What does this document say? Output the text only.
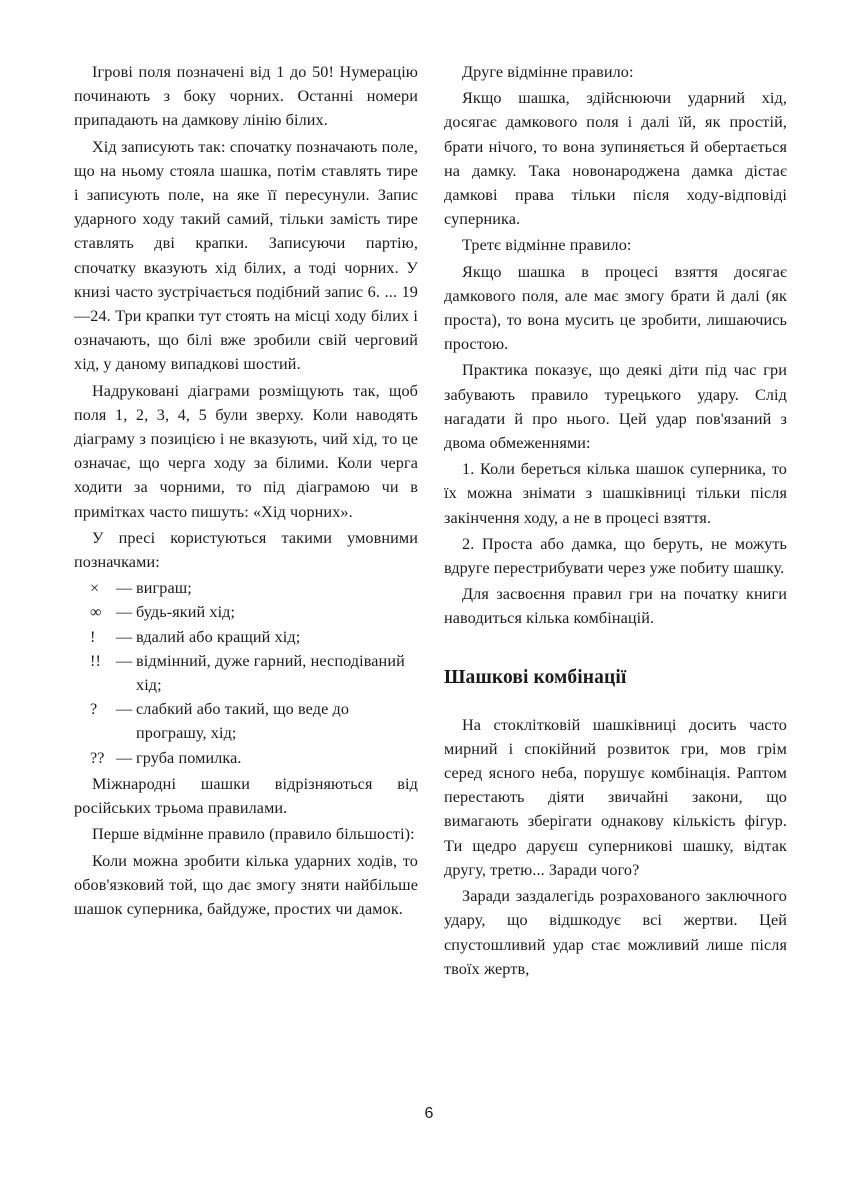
Ігрові поля позначені від 1 до 50! Нумерацію починають з боку чорних. Останні номери припадають на дамкову лінію білих.

Хід записують так: спочатку позначають поле, що на ньому стояла шашка, потім ставлять тире і записують поле, на яке її пересунули. Запис ударного ходу такий самий, тільки замість тире ставлять дві крапки. Записуючи партію, спочатку вказують хід білих, а тоді чорних. У книзі часто зустрічається подібний запис 6. ... 19—24. Три крапки тут стоять на місці ходу білих і означають, що білі вже зробили свій черговий хід, у даному випадкові шостий.

Надруковані діаграми розміщують так, щоб поля 1, 2, 3, 4, 5 були зверху. Коли наводять діаграму з позицією і не вказують, чий хід, то це означає, що черга ходу за білими. Коли черга ходити за чорними, то під діаграмою чи в примітках часто пишуть: «Хід чорних».

У пресі користуються такими умовними позначками:

×	— виграш;
∞ — будь-який хід;
!	— вдалий або кращий хід;
!! — відмінний, дуже гарний, несподіваний хід;
?	— слабкий або такий, що веде до програшу, хід;
?? — груба помилка.

Міжнародні шашки відрізняються від російських трьома правилами.

Перше відмінне правило (правило більшості):

Коли можна зробити кілька ударних ходів, то обов'язковий той, що дає змогу зняти найбільше шашок суперника, байдуже, простих чи дамок.

Друге відмінне правило:

Якщо шашка, здійснюючи ударний хід, досягає дамкового поля і далі їй, як простій, брати нічого, то вона зупиняється й обертається на дамку. Така новонароджена дамка дістає дамкові права тільки після ходу-відповіді суперника.

Третє відмінне правило:

Якщо шашка в процесі взяття досягає дамкового поля, але має змогу брати й далі (як проста), то вона мусить це зробити, лишаючись простою.

Практика показує, що деякі діти під час гри забувають правило турецького удару. Слід нагадати й про нього. Цей удар пов'язаний з двома обмеженнями:

1. Коли береться кілька шашок суперника, то їх можна знімати з шашківниці тільки після закінчення ходу, а не в процесі взяття.

2. Проста або дамка, що беруть, не можуть вдруге перестрибувати через уже побиту шашку.

Для засвоєння правил гри на початку книги наводиться кілька комбінацій.

Шашкові комбінації

На стоклітковій шашківниці досить часто мирний і спокійний розвиток гри, мов грім серед ясного неба, порушує комбінація. Раптом перестають діяти звичайні закони, що вимагають зберігати однакову кількість фігур. Ти щедро даруєш суперникові шашку, відтак другу, третю... Заради чого?

Заради заздалегідь розрахованого заключного удару, що відшкодує всі жертви. Цей спустошливий удар стає можливий лише після твоїх жертв,

6
